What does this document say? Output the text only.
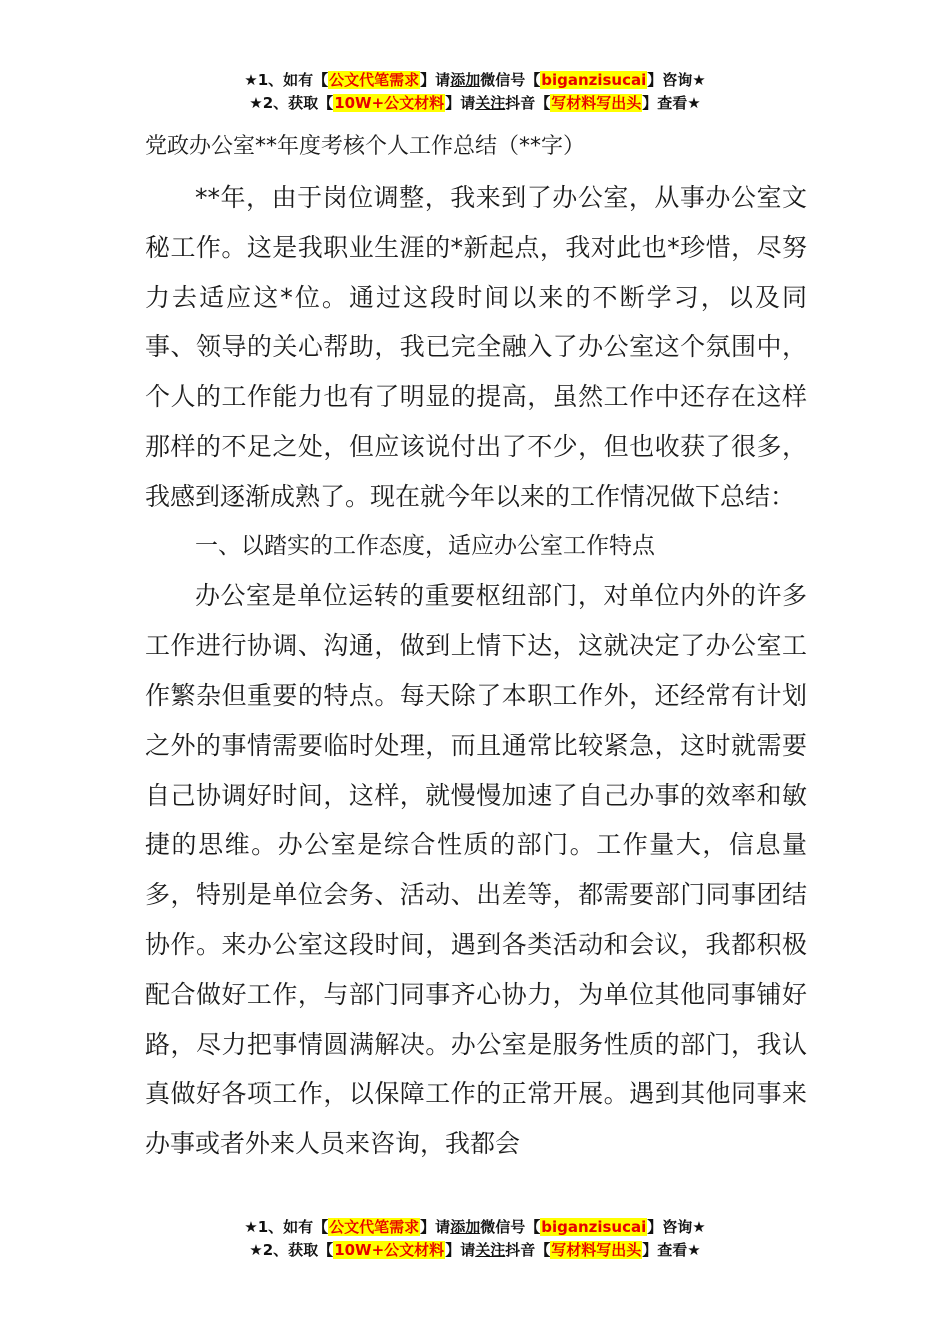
★1、如有【公文代笔需求】请添加微信号【biganzisucai】咨询★
★2、获取【10W+公文材料】请关注抖音【写材料写出头】查看★
党政办公室**年度考核个人工作总结（**字）

**年，由于岗位调整，我来到了办公室，从事办公室文秘工作。这是我职业生涯的*新起点，我对此也*珍惜，尽努力去适应这*位。通过这段时间以来的不断学习，以及同事、领导的关心帮助，我已完全融入了办公室这个氛围中，个人的工作能力也有了明显的提高，虽然工作中还存在这样那样的不足之处，但应该说付出了不少，但也收获了很多，我感到逐渐成熟了。现在就今年以来的工作情况做下总结：

一、以踏实的工作态度，适应办公室工作特点

办公室是单位运转的重要枢纽部门，对单位内外的许多工作进行协调、沟通，做到上情下达，这就决定了办公室工作繁杂但重要的特点。每天除了本职工作外，还经常有计划之外的事情需要临时处理，而且通常比较紧急，这时就需要自己协调好时间，这样，就慢慢加速了自己办事的效率和敏捷的思维。办公室是综合性质的部门。工作量大，信息量多，特别是单位会务、活动、出差等，都需要部门同事团结协作。来办公室这段时间，遇到各类活动和会议，我都积极配合做好工作，与部门同事齐心协力，为单位其他同事铺好路，尽力把事情圆满解决。办公室是服务性质的部门，我认真做好各项工作，以保障工作的正常开展。遇到其他同事来办事或者外来人员来咨询，我都会

★1、如有【公文代笔需求】请添加微信号【biganzisucai】咨询★
★2、获取【10W+公文材料】请关注抖音【写材料写出头】查看★
